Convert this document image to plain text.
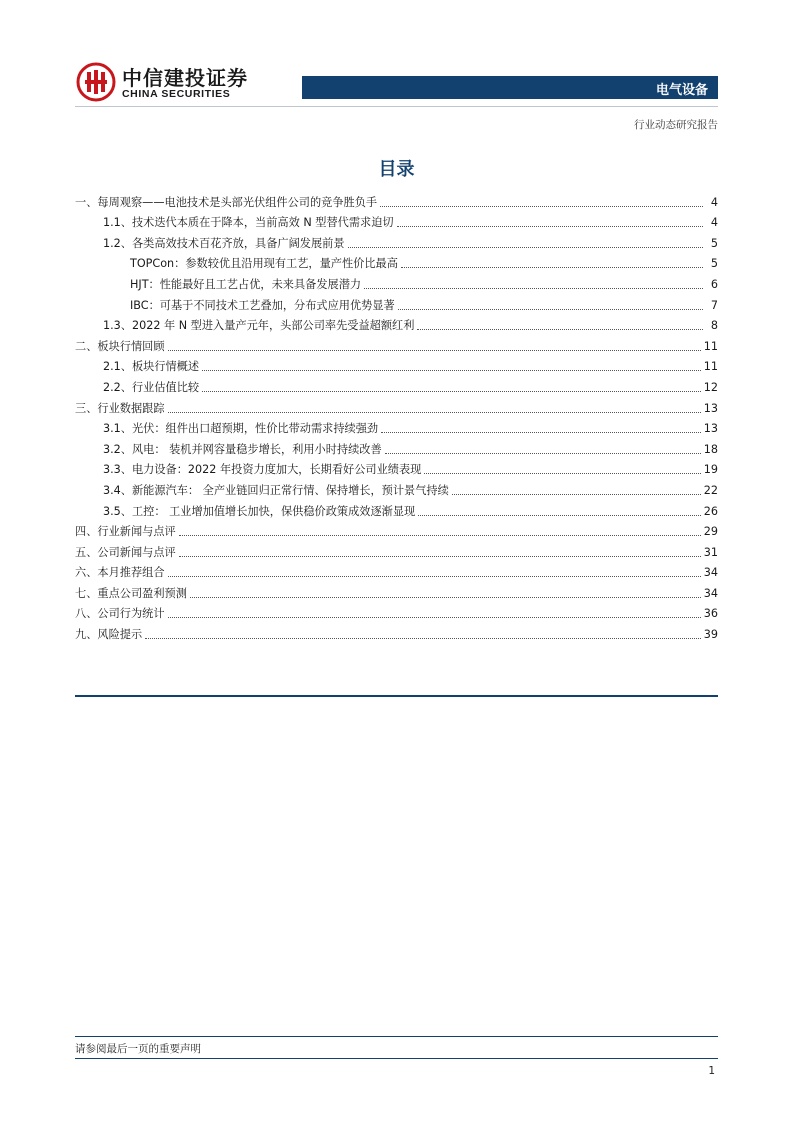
中信建投证券
CHINA SECURITIES	电气设备
行业动态研究报告
目录
一、每周观察——电池技术是头部光伏组件公司的竞争胜负手	4
1.1、技术迭代本质在于降本，当前高效 N 型替代需求迫切	4
1.2、各类高效技术百花齐放，具备广阔发展前景	5
TOPCon：参数较优且沿用现有工艺，量产性价比最高	5
HJT：性能最好且工艺占优，未来具备发展潜力	6
IBC：可基于不同技术工艺叠加，分布式应用优势显著	7
1.3、2022 年 N 型进入量产元年，头部公司率先受益超额红利	8
二、板块行情回顾	11
2.1、板块行情概述	11
2.2、行业估值比较	12
三、行业数据跟踪	13
3.1、光伏：组件出口超预期，性价比带动需求持续强劲	13
3.2、风电： 装机并网容量稳步增长，利用小时持续改善	18
3.3、电力设备：2022 年投资力度加大，长期看好公司业绩表现	19
3.4、新能源汽车： 全产业链回归正常行情、保持增长，预计景气持续	22
3.5、工控： 工业增加值增长加快，保供稳价政策成效逐渐显现	26
四、行业新闻与点评	29
五、公司新闻与点评	31
六、本月推荐组合	34
七、重点公司盈利预测	34
八、公司行为统计	36
九、风险提示	39
请参阅最后一页的重要声明
1
